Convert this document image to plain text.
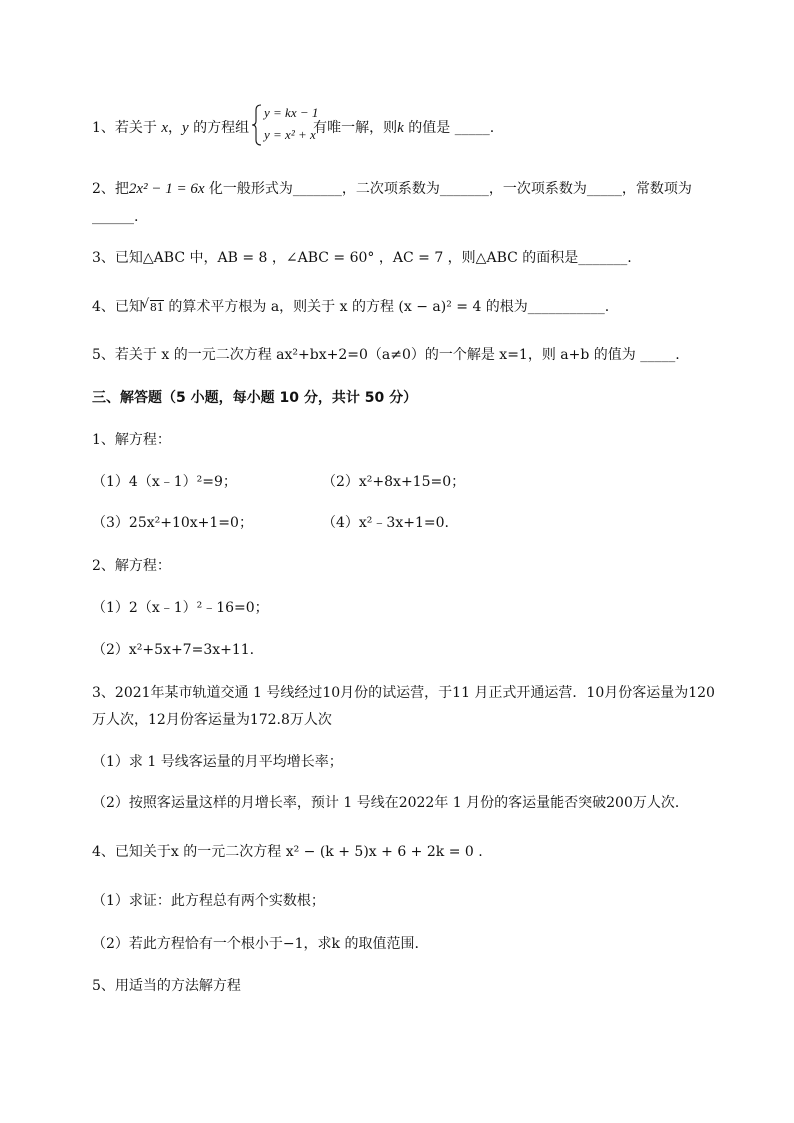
1、若关于 x，y 的方程组	有唯一解，则k 的值是 _____.
y = kx − 1
y = x² + x
2、把2x² − 1 = 6x 化一般形式为_______，二次项系数为_______，一次项系数为_____，常数项为
______.
3、已知△ABC 中，AB = 8 ，∠ABC = 60° ，AC = 7 ，则△ABC 的面积是_______.
4、已知√ 81 的算术平方根为 a，则关于 x 的方程 (x − a)² = 4 的根为___________.
5、若关于 x 的一元二次方程 ax²+bx+2=0（a≠0）的一个解是 x=1，则 a+b 的值为 _____.
三、解答题（5 小题，每小题 10 分，共计 50 分）
1、解方程：
（1）4（x﹣1）²=9；	（2）x²+8x+15=0；
（3）25x²+10x+1=0；	（4）x²﹣3x+1=0.
2、解方程：
（1）2（x﹣1）²﹣16=0；
（2）x²+5x+7=3x+11.
3、2021年某市轨道交通 1 号线经过10月份的试运营，于11 月正式开通运营．10月份客运量为120
万人次，12月份客运量为172.8万人次
（1）求 1 号线客运量的月平均增长率；
（2）按照客运量这样的月增长率，预计 1 号线在2022年 1 月份的客运量能否突破200万人次．
4、已知关于x 的一元二次方程 x² − (k + 5)x + 6 + 2k = 0 .
（1）求证：此方程总有两个实数根；
（2）若此方程恰有一个根小于−1，求k 的取值范围.
5、用适当的方法解方程
